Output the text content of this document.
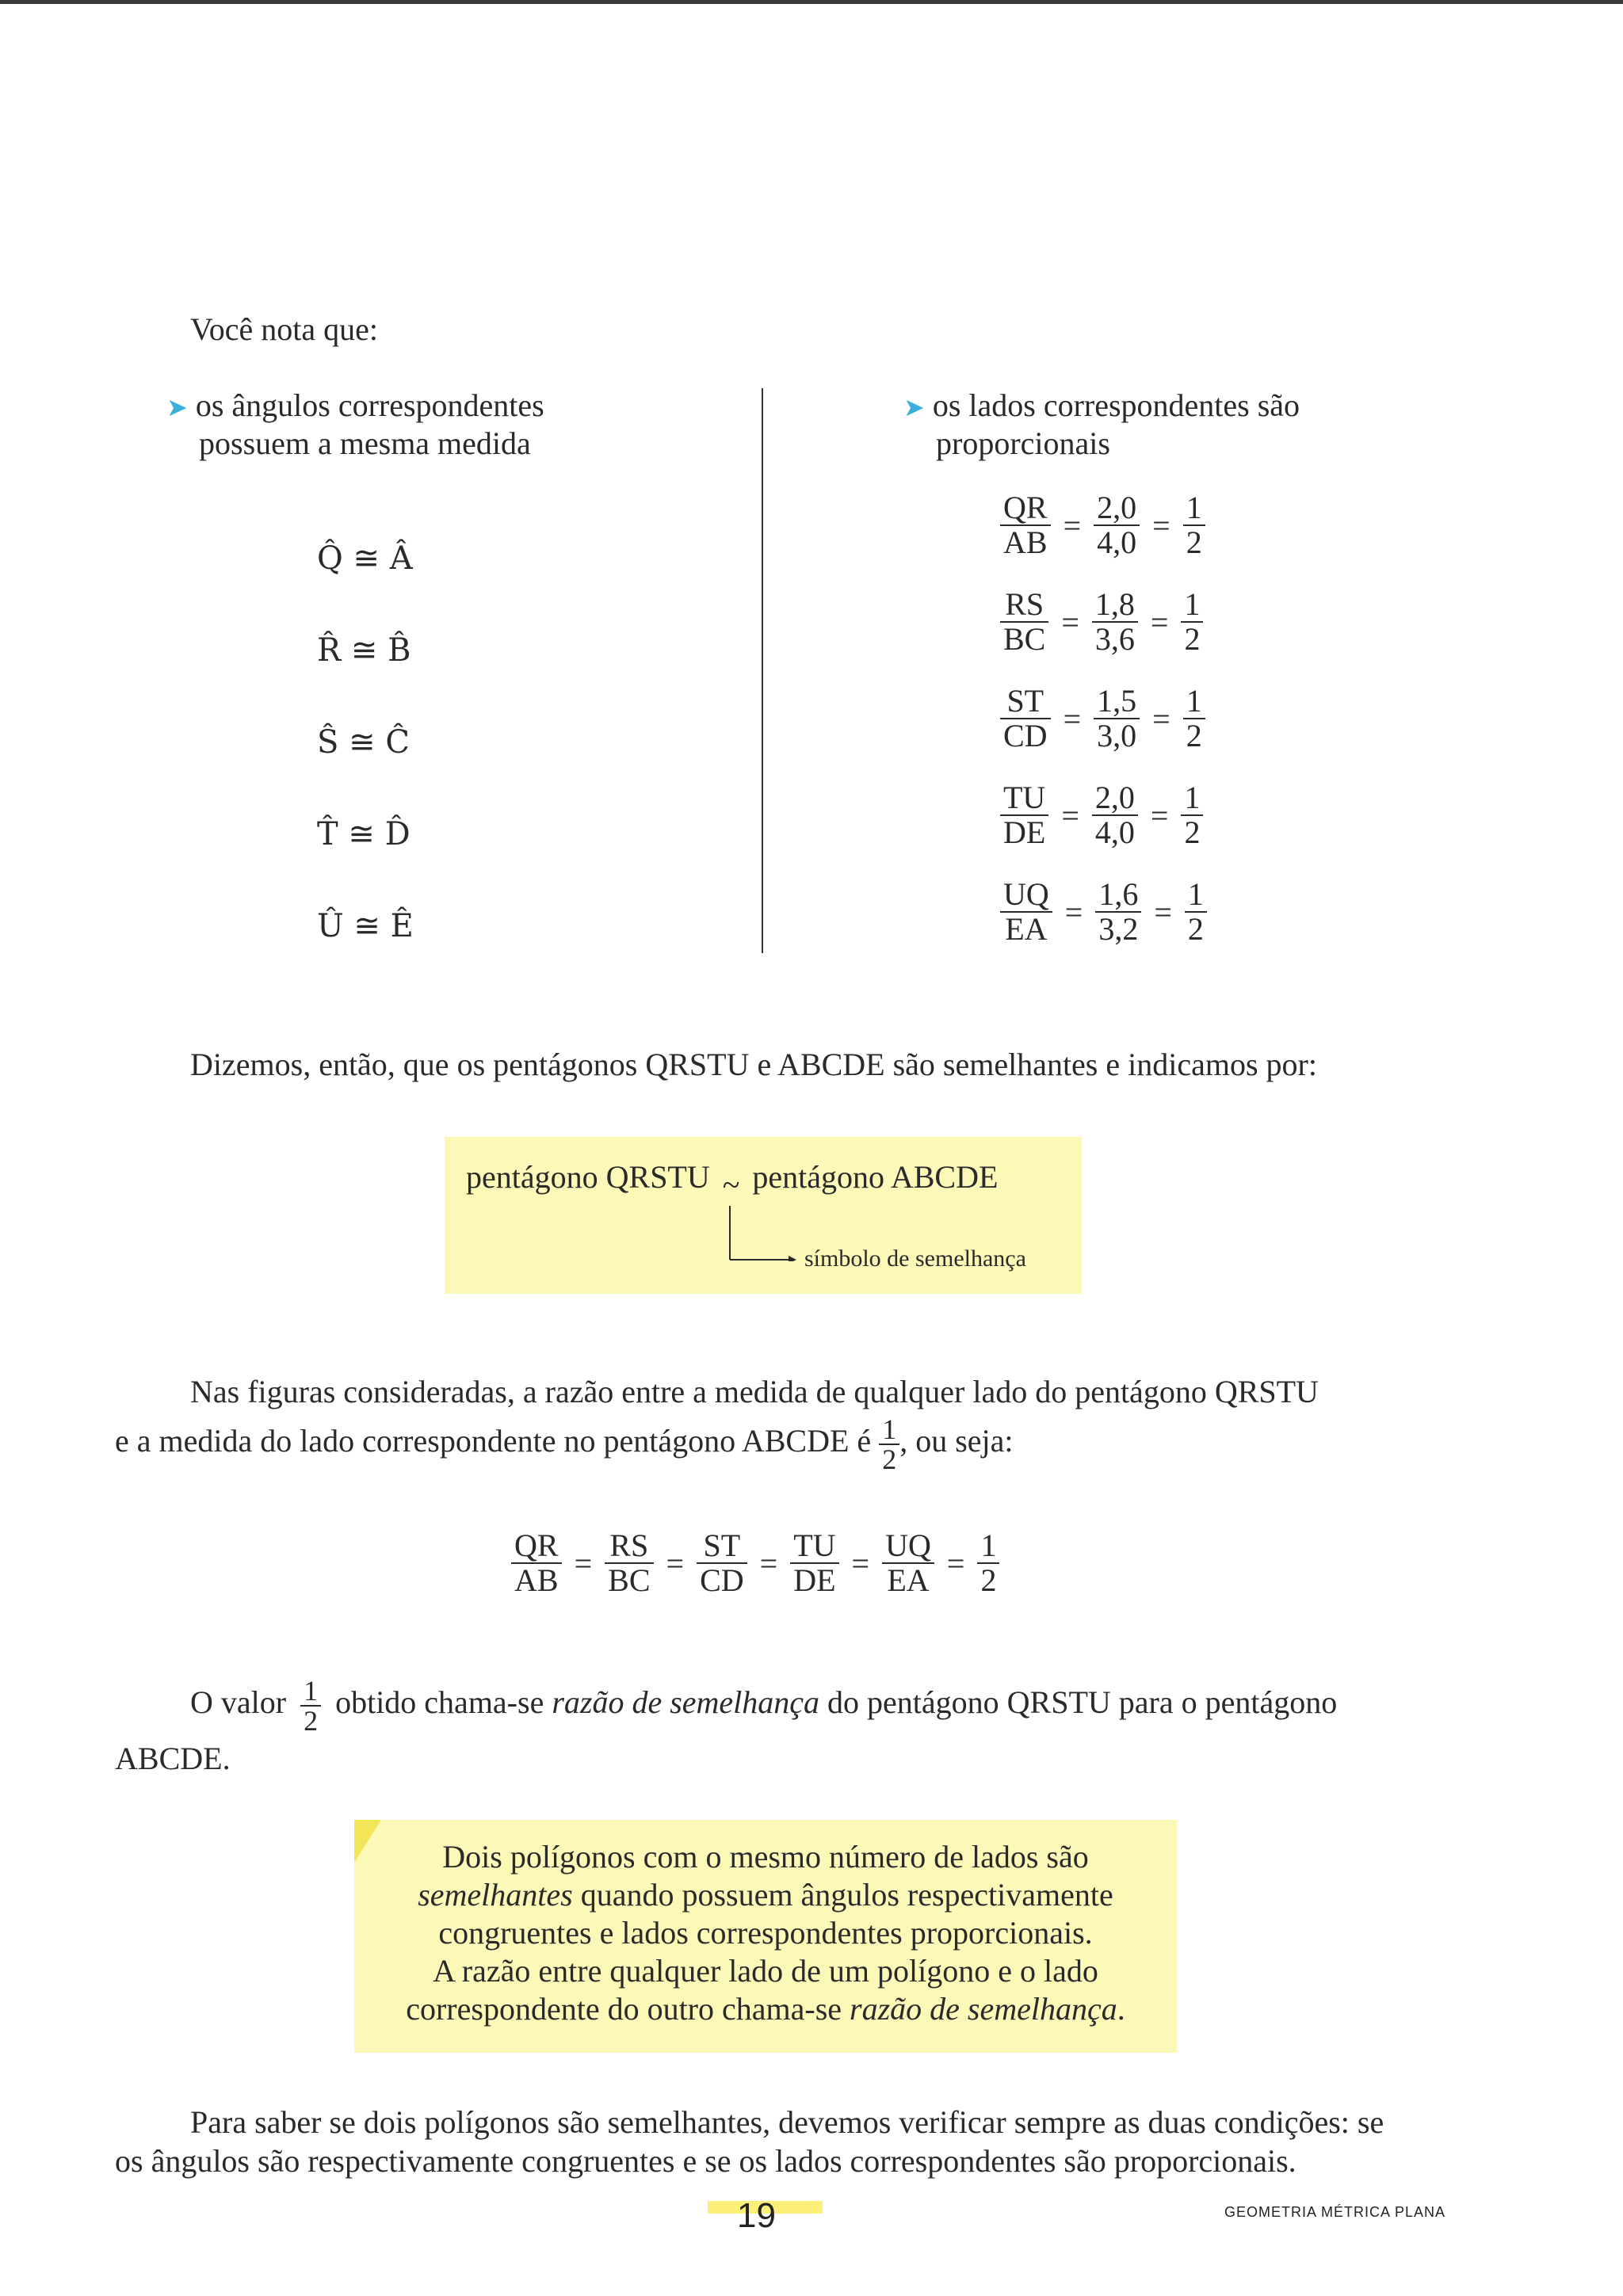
Você nota que:
➤ os ângulos correspondentes
possuem a mesma medida
Q̂ ≅ Â
R̂ ≅ B̂
Ŝ ≅ Ĉ
T̂ ≅ D̂
Û ≅ Ê
➤ os lados correspondentes são
proporcionais
$\frac{QR}{AB} = \frac{2,0}{4,0} = \frac{1}{2}$
$\frac{RS}{BC} = \frac{1,8}{3,6} = \frac{1}{2}$
$\frac{ST}{CD} = \frac{1,5}{3,0} = \frac{1}{2}$
$\frac{TU}{DE} = \frac{2,0}{4,0} = \frac{1}{2}$
$\frac{UQ}{EA} = \frac{1,6}{3,2} = \frac{1}{2}$
Dizemos, então, que os pentágonos QRSTU e ABCDE são semelhantes e indicamos por:
pentágono QRSTU ~ pentágono ABCDE
símbolo de semelhança
Nas figuras consideradas, a razão entre a medida de qualquer lado do pentágono QRSTU
e a medida do lado correspondente no pentágono ABCDE é $\frac{1}{2}$ , ou seja:
$\frac{QR}{AB} = \frac{RS}{BC} = \frac{ST}{CD} = \frac{TU}{DE} = \frac{UQ}{EA} = \frac{1}{2}$
O valor $\frac{1}{2}$ obtido chama-se razão de semelhança do pentágono QRSTU para o pentágono
ABCDE.
Dois polígonos com o mesmo número de lados são
semelhantes quando possuem ângulos respectivamente
congruentes e lados correspondentes proporcionais.
A razão entre qualquer lado de um polígono e o lado
correspondente do outro chama-se razão de semelhança.
Para saber se dois polígonos são semelhantes, devemos verificar sempre as duas condições: se
os ângulos são respectivamente congruentes e se os lados correspondentes são proporcionais.
19	GEOMETRIA MÉTRICA PLANA
